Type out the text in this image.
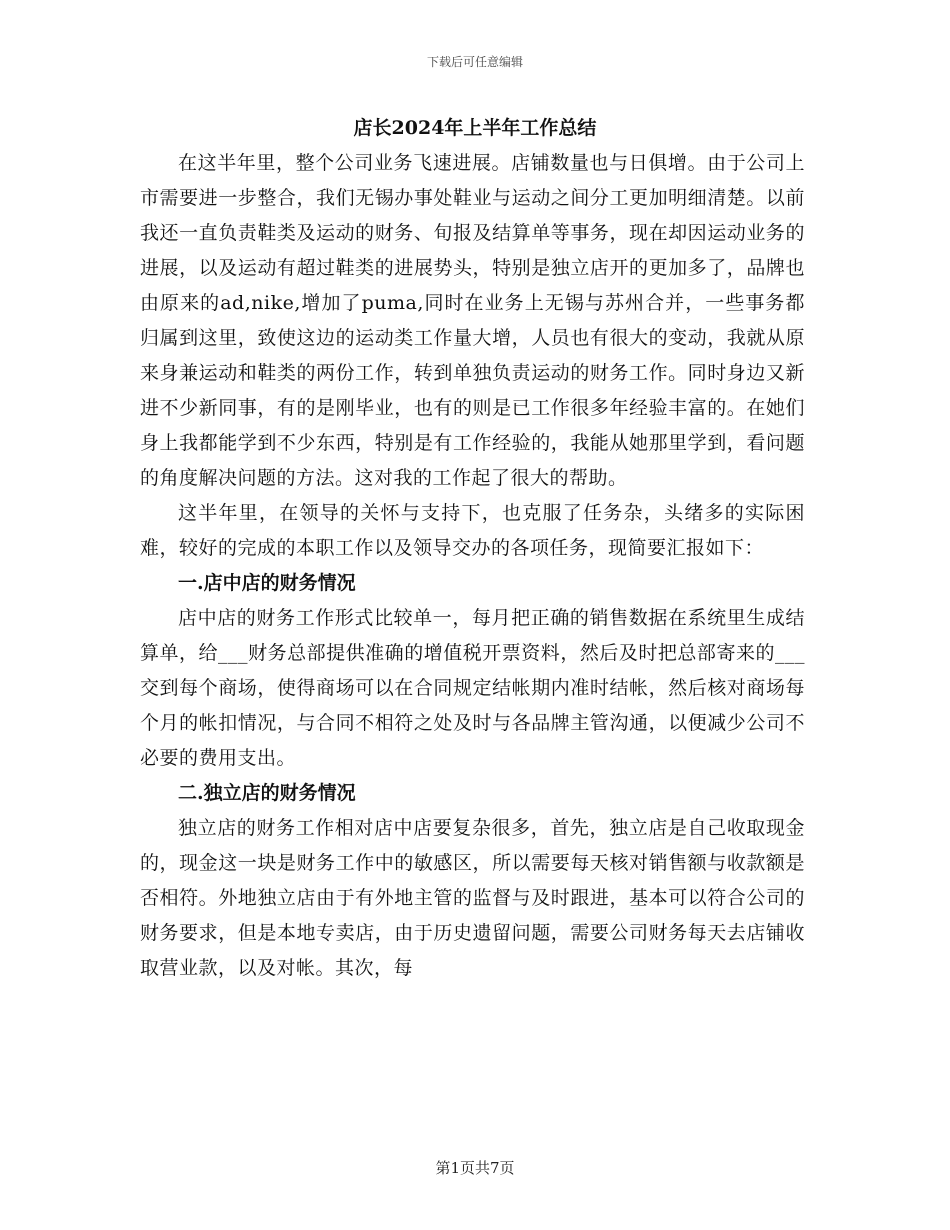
下载后可任意编辑
店长2024年上半年工作总结

在这半年里，整个公司业务飞速进展。店铺数量也与日俱增。由于公司上市需要进一步整合，我们无锡办事处鞋业与运动之间分工更加明细清楚。以前我还一直负责鞋类及运动的财务、旬报及结算单等事务，现在却因运动业务的进展，以及运动有超过鞋类的进展势头，特别是独立店开的更加多了，品牌也由原来的ad,nike,增加了puma,同时在业务上无锡与苏州合并，一些事务都归属到这里，致使这边的运动类工作量大增，人员也有很大的变动，我就从原来身兼运动和鞋类的两份工作，转到单独负责运动的财务工作。同时身边又新进不少新同事，有的是刚毕业，也有的则是已工作很多年经验丰富的。在她们身上我都能学到不少东西，特别是有工作经验的，我能从她那里学到，看问题的角度解决问题的方法。这对我的工作起了很大的帮助。

这半年里，在领导的关怀与支持下，也克服了任务杂，头绪多的实际困难，较好的完成的本职工作以及领导交办的各项任务，现简要汇报如下：

一.店中店的财务情况

店中店的财务工作形式比较单一，每月把正确的销售数据在系统里生成结算单，给___财务总部提供准确的增值税开票资料，然后及时把总部寄来的___交到每个商场，使得商场可以在合同规定结帐期内准时结帐，然后核对商场每个月的帐扣情况，与合同不相符之处及时与各品牌主管沟通，以便减少公司不必要的费用支出。

二.独立店的财务情况

独立店的财务工作相对店中店要复杂很多，首先，独立店是自己收取现金的，现金这一块是财务工作中的敏感区，所以需要每天核对销售额与收款额是否相符。外地独立店由于有外地主管的监督与及时跟进，基本可以符合公司的财务要求，但是本地专卖店，由于历史遗留问题，需要公司财务每天去店铺收取营业款，以及对帐。其次，每

第1页共7页
